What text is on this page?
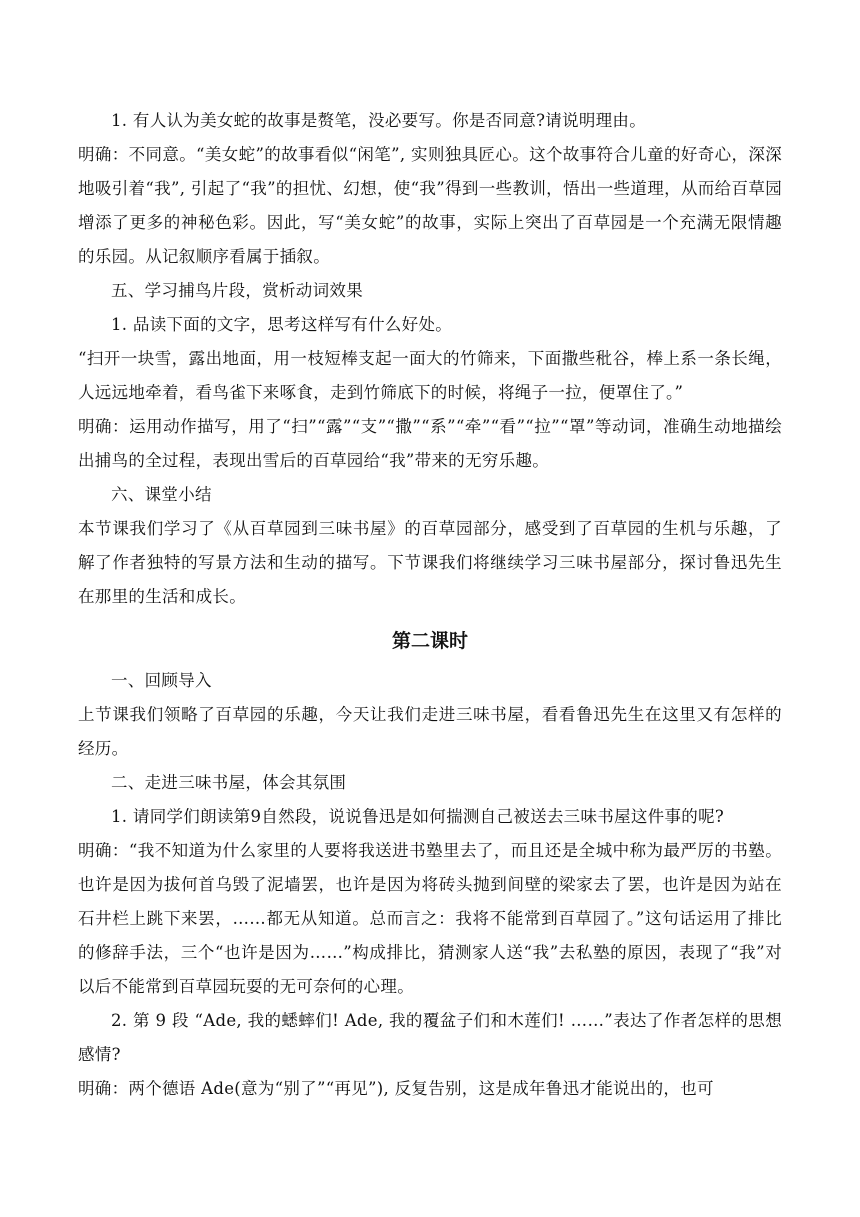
1. 有人认为美女蛇的故事是赘笔，没必要写。你是否同意?请说明理由。

明确：不同意。“美女蛇”的故事看似“闲笔”, 实则独具匠心。这个故事符合儿童的好奇心，深深地吸引着“我”, 引起了“我”的担忧、幻想，使“我”得到一些教训，悟出一些道理，从而给百草园增添了更多的神秘色彩。因此，写“美女蛇”的故事，实际上突出了百草园是一个充满无限情趣的乐园。从记叙顺序看属于插叙。

五、学习捕鸟片段，赏析动词效果

1. 品读下面的文字，思考这样写有什么好处。

“扫开一块雪，露出地面，用一枝短棒支起一面大的竹筛来，下面撒些秕谷，棒上系一条长绳，人远远地牵着，看鸟雀下来啄食，走到竹筛底下的时候，将绳子一拉，便罩住了。”

明确：运用动作描写，用了“扫”“露”“支”“撒”“系”“牵”“看”“拉”“罩”等动词，准确生动地描绘出捕鸟的全过程，表现出雪后的百草园给“我”带来的无穷乐趣。

六、课堂小结

本节课我们学习了《从百草园到三味书屋》的百草园部分，感受到了百草园的生机与乐趣，了解了作者独特的写景方法和生动的描写。下节课我们将继续学习三味书屋部分，探讨鲁迅先生在那里的生活和成长。

第二课时

一、回顾导入

上节课我们领略了百草园的乐趣，今天让我们走进三味书屋，看看鲁迅先生在这里又有怎样的经历。

二、走进三味书屋，体会其氛围

1. 请同学们朗读第9自然段，说说鲁迅是如何揣测自己被送去三味书屋这件事的呢?

明确：“我不知道为什么家里的人要将我送进书塾里去了，而且还是全城中称为最严厉的书塾。也许是因为拔何首乌毁了泥墙罢，也许是因为将砖头抛到间壁的梁家去了罢，也许是因为站在石井栏上跳下来罢，……都无从知道。总而言之：我将不能常到百草园了。”这句话运用了排比的修辞手法，三个“也许是因为……”构成排比，猜测家人送“我”去私塾的原因，表现了“我”对以后不能常到百草园玩耍的无可奈何的心理。

2. 第 9 段 “Ade, 我的蟋蟀们! Ade, 我的覆盆子们和木莲们! ……”表达了作者怎样的思想感情?

明确：两个德语 Ade(意为“别了”“再见”), 反复告别，这是成年鲁迅才能说出的，也可
